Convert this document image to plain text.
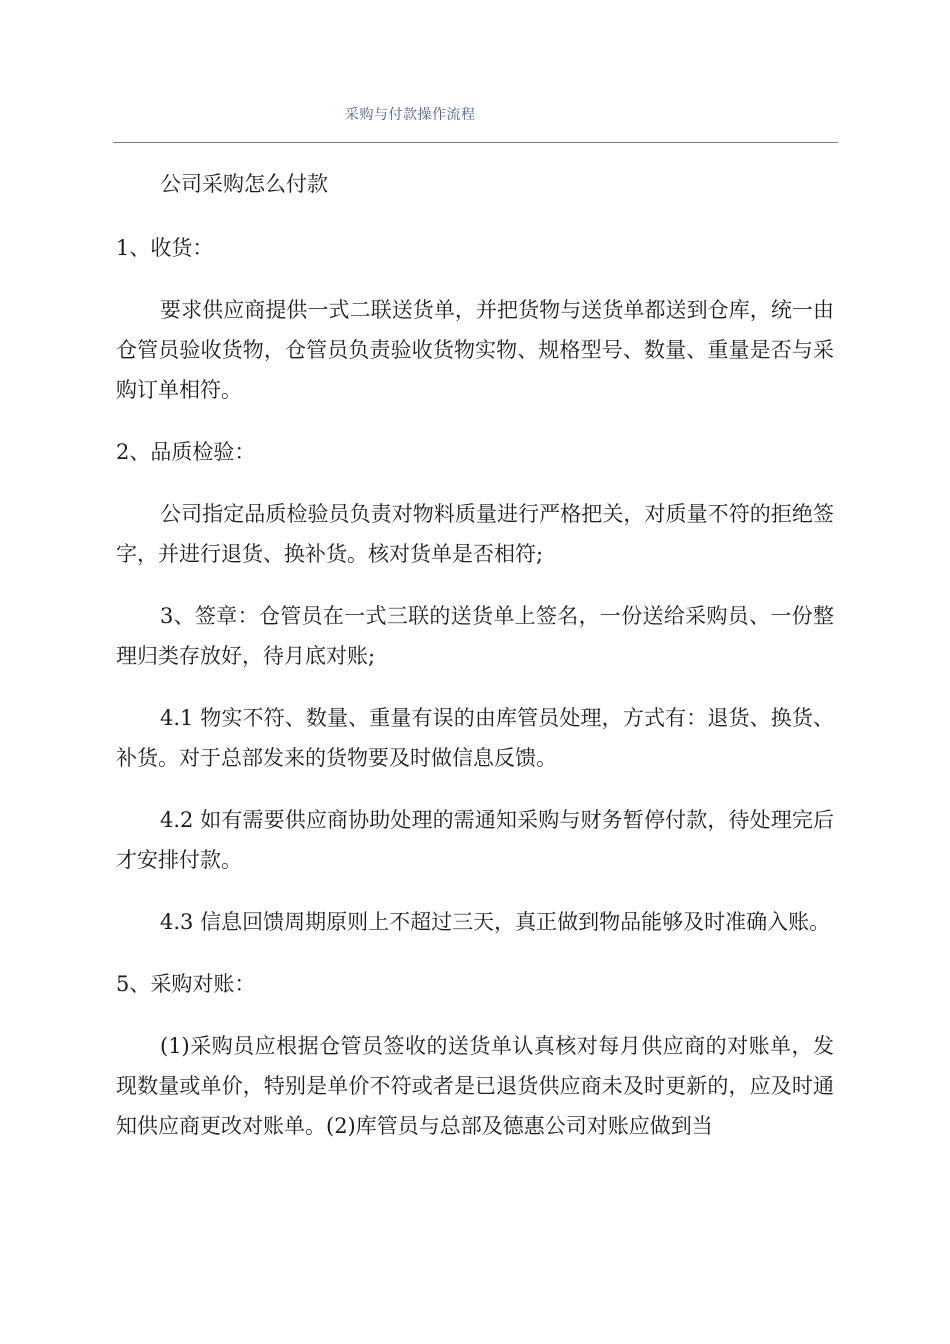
采购与付款操作流程

公司采购怎么付款

1、收货：

要求供应商提供一式二联送货单，并把货物与送货单都送到仓库，统一由仓管员验收货物，仓管员负责验收货物实物、规格型号、数量、重量是否与采购订单相符。

2、品质检验：

公司指定品质检验员负责对物料质量进行严格把关，对质量不符的拒绝签字，并进行退货、换补货。核对货单是否相符;

3、签章：仓管员在一式三联的送货单上签名，一份送给采购员、一份整理归类存放好，待月底对账;

4.1 物实不符、数量、重量有误的由库管员处理，方式有：退货、换货、补货。对于总部发来的货物要及时做信息反馈。

4.2 如有需要供应商协助处理的需通知采购与财务暂停付款，待处理完后才安排付款。

4.3 信息回馈周期原则上不超过三天，真正做到物品能够及时准确入账。

5、采购对账：

(1)采购员应根据仓管员签收的送货单认真核对每月供应商的对账单，发现数量或单价，特别是单价不符或者是已退货供应商未及时更新的，应及时通知供应商更改对账单。(2)库管员与总部及德惠公司对账应做到当
